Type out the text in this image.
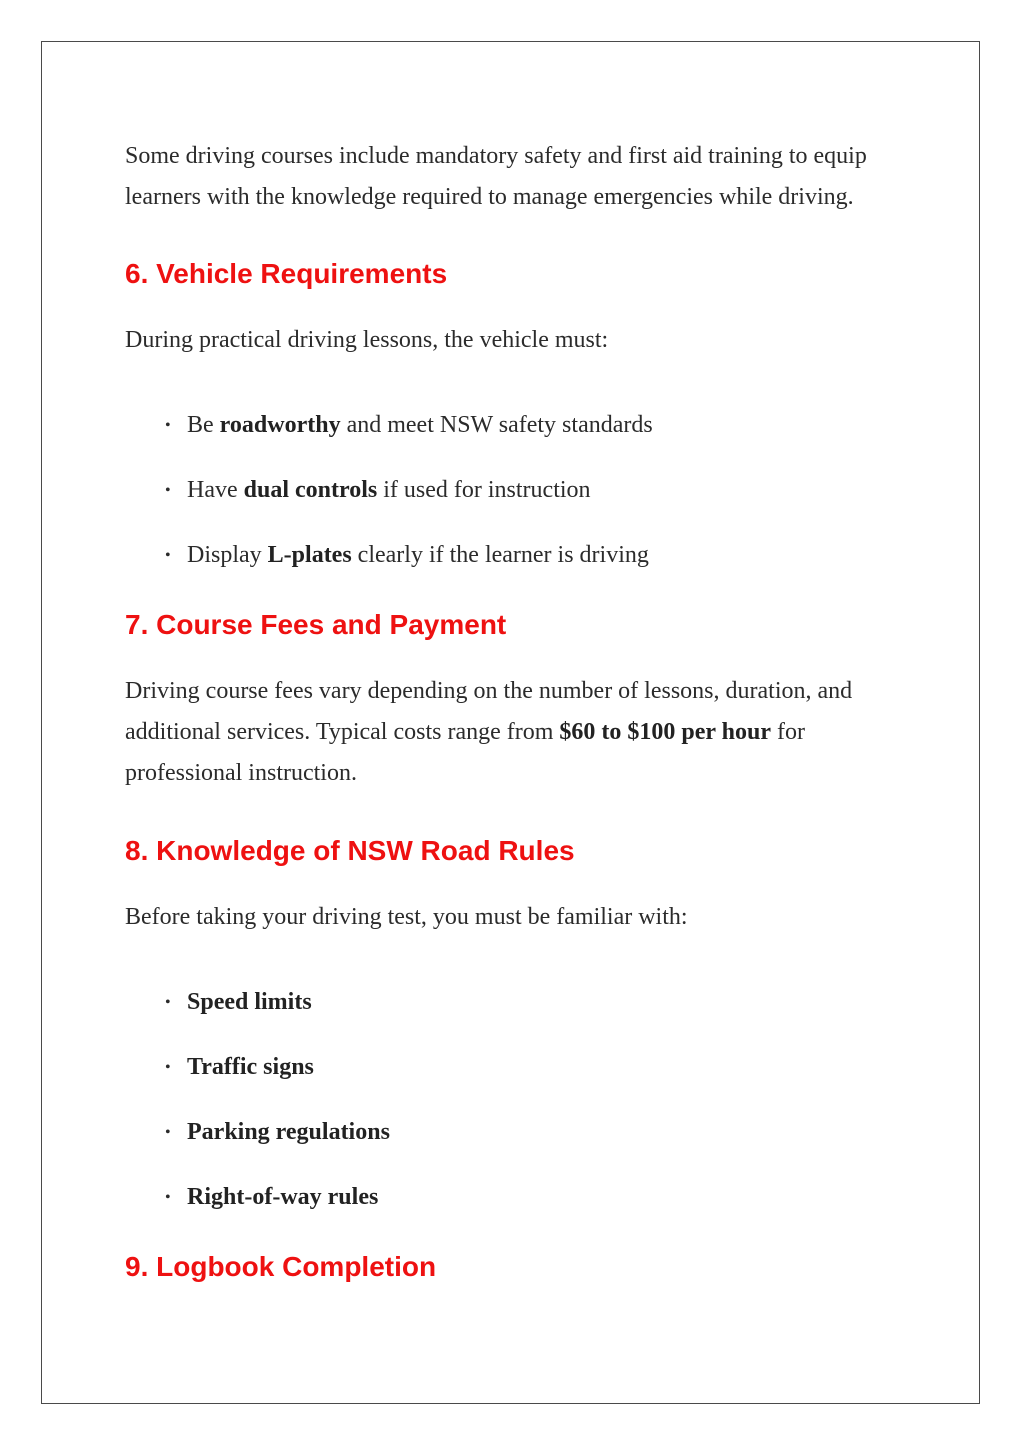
Some driving courses include mandatory safety and first aid training to equip learners with the knowledge required to manage emergencies while driving.

6. Vehicle Requirements

During practical driving lessons, the vehicle must:

• Be roadworthy and meet NSW safety standards
• Have dual controls if used for instruction
• Display L-plates clearly if the learner is driving
7. Course Fees and Payment

Driving course fees vary depending on the number of lessons, duration, and additional services. Typical costs range from $60 to $100 per hour for professional instruction.

8. Knowledge of NSW Road Rules

Before taking your driving test, you must be familiar with:

• Speed limits
• Traffic signs
• Parking regulations
• Right-of-way rules
9. Logbook Completion
